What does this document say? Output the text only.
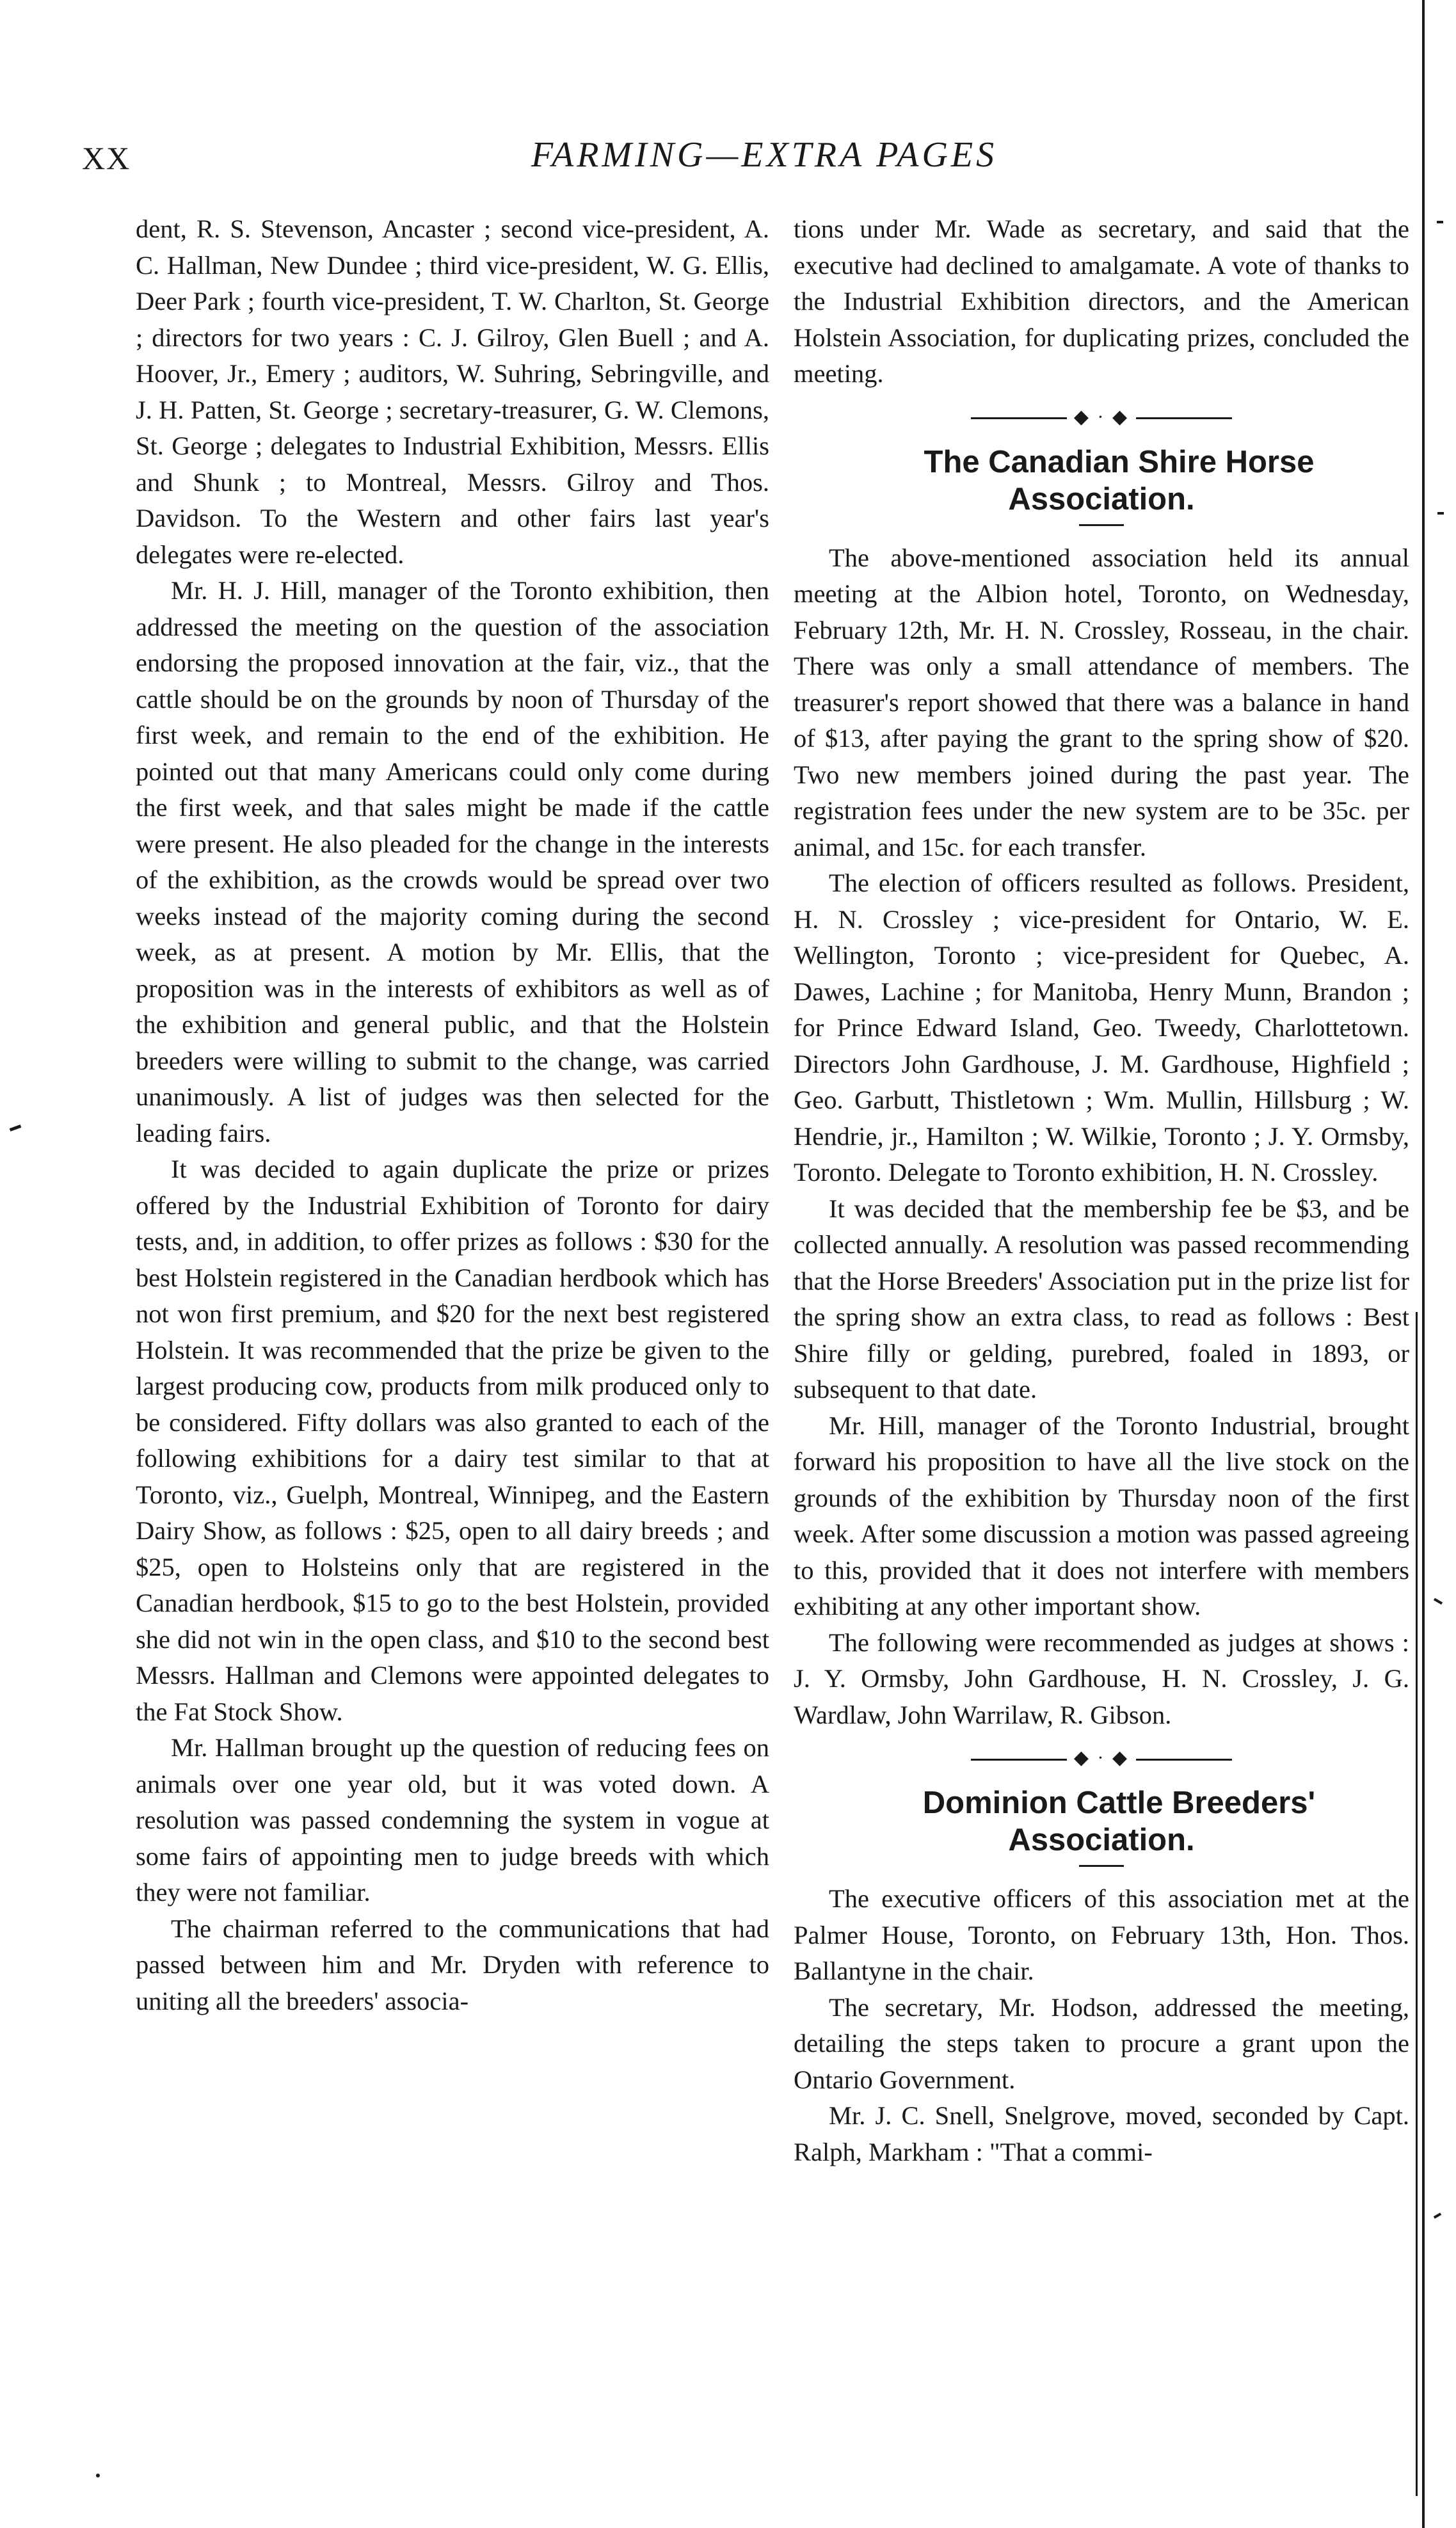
XX	FARMING—EXTRA PAGES

dent, R. S. Stevenson, Ancaster ; second vice-president, A. C. Hallman, New Dundee ; third vice-president, W. G. Ellis, Deer Park ; fourth vice-president, T. W. Charlton, St. George ; directors for two years : C. J. Gilroy, Glen Buell ; and A. Hoover, Jr., Emery ; auditors, W. Suhring, Sebringville, and J. H. Patten, St. George ; secretary-treasurer, G. W. Clemons, St. George ; delegates to Industrial Exhibition, Messrs. Ellis and Shunk ; to Montreal, Messrs. Gilroy and Thos. Davidson. To the Western and other fairs last year's delegates were re-elected.

Mr. H. J. Hill, manager of the Toronto exhibition, then addressed the meeting on the question of the association endorsing the proposed innovation at the fair, viz., that the cattle should be on the grounds by noon of Thursday of the first week, and remain to the end of the exhibition. He pointed out that many Americans could only come during the first week, and that sales might be made if the cattle were present. He also pleaded for the change in the interests of the exhibition, as the crowds would be spread over two weeks instead of the majority coming during the second week, as at present. A motion by Mr. Ellis, that the proposition was in the interests of exhibitors as well as of the exhibition and general public, and that the Holstein breeders were willing to submit to the change, was carried unanimously. A list of judges was then selected for the leading fairs.

It was decided to again duplicate the prize or prizes offered by the Industrial Exhibition of Toronto for dairy tests, and, in addition, to offer prizes as follows : $30 for the best Holstein registered in the Canadian herdbook which has not won first premium, and $20 for the next best registered Holstein. It was recommended that the prize be given to the largest producing cow, products from milk produced only to be considered. Fifty dollars was also granted to each of the following exhibitions for a dairy test similar to that at Toronto, viz., Guelph, Montreal, Winnipeg, and the Eastern Dairy Show, as follows : $25, open to all dairy breeds ; and $25, open to Holsteins only that are registered in the Canadian herdbook, $15 to go to the best Holstein, provided she did not win in the open class, and $10 to the second best Messrs. Hallman and Clemons were appointed delegates to the Fat Stock Show.

Mr. Hallman brought up the question of reducing fees on animals over one year old, but it was voted down. A resolution was passed condemning the system in vogue at some fairs of appointing men to judge breeds with which they were not familiar.

The chairman referred to the communications that had passed between him and Mr. Dryden with reference to uniting all the breeders' associa-

tions under Mr. Wade as secretary, and said that the executive had declined to amalgamate. A vote of thanks to the Industrial Exhibition directors, and the American Holstein Association, for duplicating prizes, concluded the meeting.

◆ · ◆

The Canadian Shire Horse Association.

The above-mentioned association held its annual meeting at the Albion hotel, Toronto, on Wednesday, February 12th, Mr. H. N. Crossley, Rosseau, in the chair. There was only a small attendance of members. The treasurer's report showed that there was a balance in hand of $13, after paying the grant to the spring show of $20. Two new members joined during the past year. The registration fees under the new system are to be 35c. per animal, and 15c. for each transfer.

The election of officers resulted as follows. President, H. N. Crossley ; vice-president for Ontario, W. E. Wellington, Toronto ; vice-president for Quebec, A. Dawes, Lachine ; for Manitoba, Henry Munn, Brandon ; for Prince Edward Island, Geo. Tweedy, Charlottetown. Directors John Gardhouse, J. M. Gardhouse, Highfield ; Geo. Garbutt, Thistletown ; Wm. Mullin, Hillsburg ; W. Hendrie, jr., Hamilton ; W. Wilkie, Toronto ; J. Y. Ormsby, Toronto. Delegate to Toronto exhibition, H. N. Crossley.

It was decided that the membership fee be $3, and be collected annually. A resolution was passed recommending that the Horse Breeders' Association put in the prize list for the spring show an extra class, to read as follows : Best Shire filly or gelding, purebred, foaled in 1893, or subsequent to that date.

Mr. Hill, manager of the Toronto Industrial, brought forward his proposition to have all the live stock on the grounds of the exhibition by Thursday noon of the first week. After some discussion a motion was passed agreeing to this, provided that it does not interfere with members exhibiting at any other important show.

The following were recommended as judges at shows : J. Y. Ormsby, John Gardhouse, H. N. Crossley, J. G. Wardlaw, John Warrilaw, R. Gibson.

◆ · ◆

Dominion Cattle Breeders' Association.

The executive officers of this association met at the Palmer House, Toronto, on February 13th, Hon. Thos. Ballantyne in the chair.

The secretary, Mr. Hodson, addressed the meeting, detailing the steps taken to procure a grant upon the Ontario Government.

Mr. J. C. Snell, Snelgrove, moved, seconded by Capt. Ralph, Markham : "That a commi-
